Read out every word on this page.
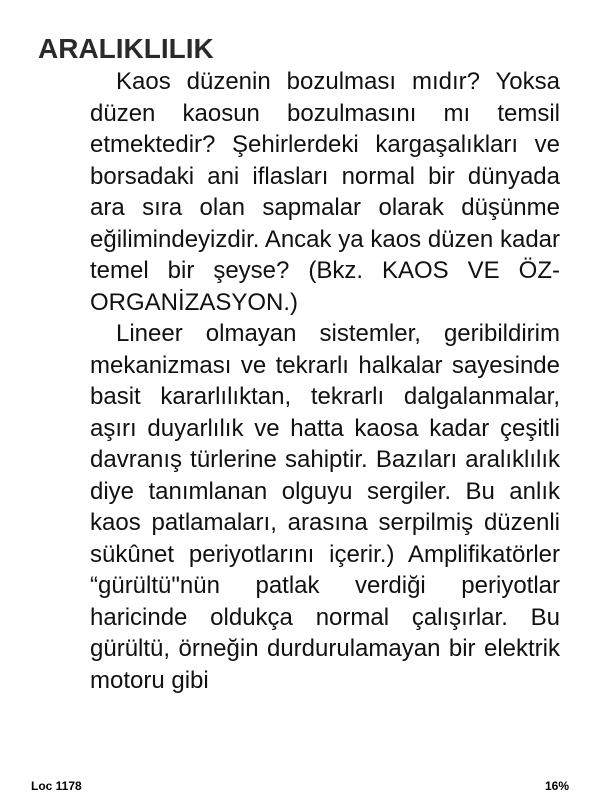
ARALIKLILIK

Kaos düzenin bozulması mıdır? Yoksa düzen kaosun bozulmasını mı temsil etmektedir? Şehirlerdeki kargaşalıkları ve borsadaki ani iflasları normal bir dünyada ara sıra olan sapmalar olarak düşünme eğilimindeyizdir. Ancak ya kaos düzen kadar temel bir şeyse? (Bkz. KAOS VE ÖZ-ORGANİZASYON.)

Lineer olmayan sistemler, geribildirim mekanizması ve tekrarlı halkalar sayesinde basit kararlılıktan, tekrarlı dalgalanmalar, aşırı duyarlılık ve hatta kaosa kadar çeşitli davranış türlerine sahiptir. Bazıları aralıklılık diye tanımlanan olguyu sergiler. Bu anlık kaos patlamaları, arasına serpilmiş düzenli sükûnet periyotlarını içerir.) Amplifikatörler “gürültü"nün patlak verdiği periyotlar haricinde oldukça normal çalışırlar. Bu gürültü, örneğin durdurulamayan bir elektrik motoru gibi

Loc 1178	16%
